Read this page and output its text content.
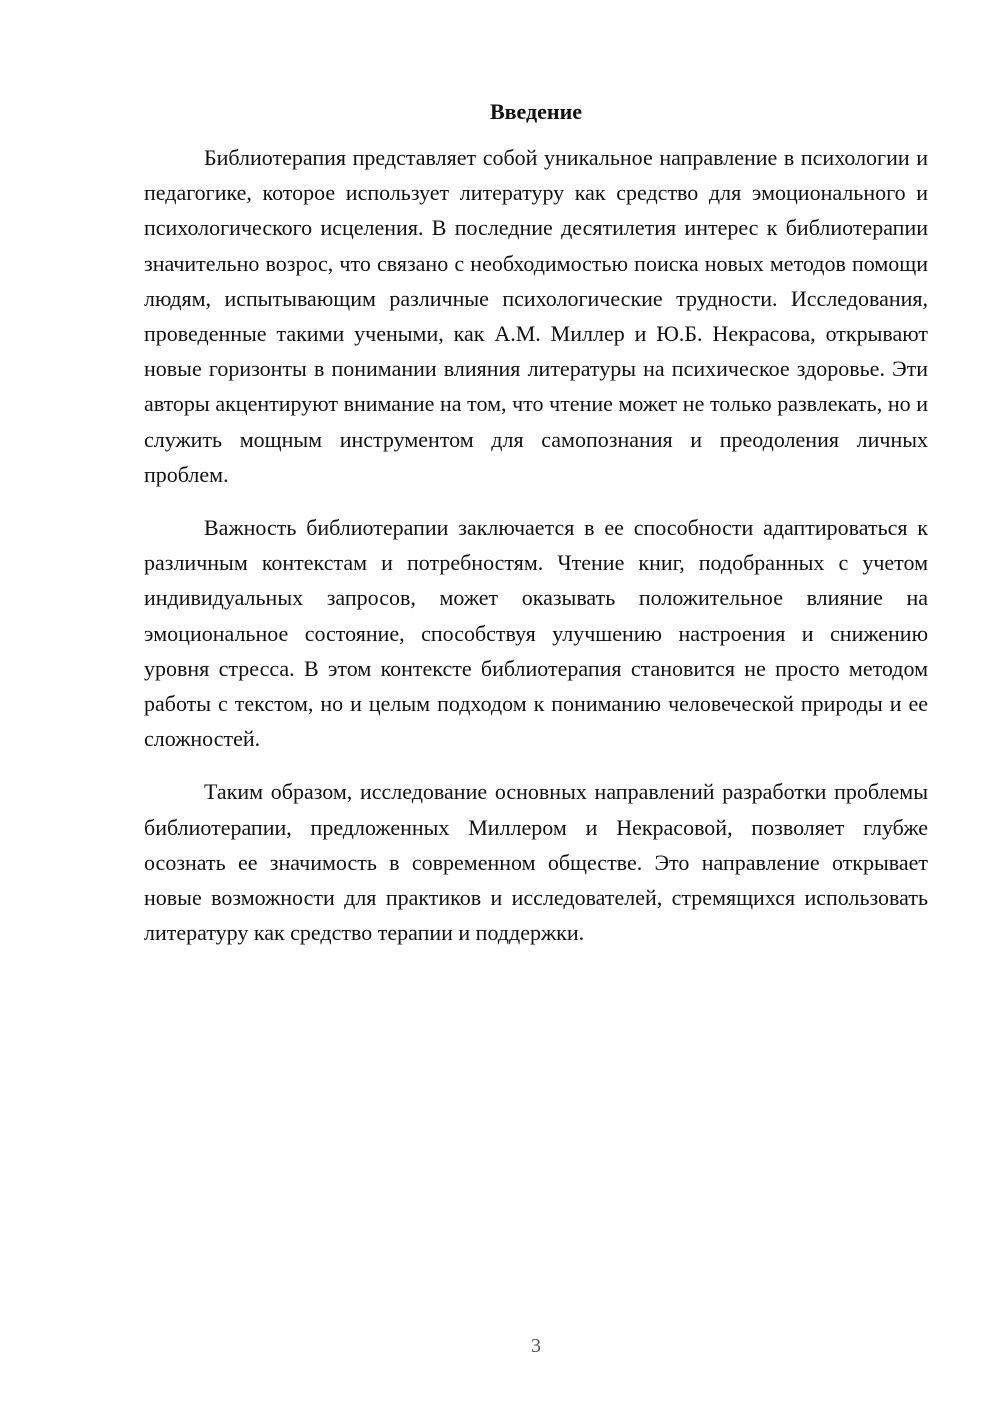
Введение

Библиотерапия представляет собой уникальное направление в психологии и педагогике, которое использует литературу как средство для эмоционального и психологического исцеления. В последние десятилетия интерес к библиотерапии значительно возрос, что связано с необходимостью поиска новых методов помощи людям, испытывающим различные психологические трудности. Исследования, проведенные такими учеными, как А.М. Миллер и Ю.Б. Некрасова, открывают новые горизонты в понимании влияния литературы на психическое здоровье. Эти авторы акцентируют внимание на том, что чтение может не только развлекать, но и служить мощным инструментом для самопознания и преодоления личных проблем.

Важность библиотерапии заключается в ее способности адаптироваться к различным контекстам и потребностям. Чтение книг, подобранных с учетом индивидуальных запросов, может оказывать положительное влияние на эмоциональное состояние, способствуя улучшению настроения и снижению уровня стресса. В этом контексте библиотерапия становится не просто методом работы с текстом, но и целым подходом к пониманию человеческой природы и ее сложностей.

Таким образом, исследование основных направлений разработки проблемы библиотерапии, предложенных Миллером и Некрасовой, позволяет глубже осознать ее значимость в современном обществе. Это направление открывает новые возможности для практиков и исследователей, стремящихся использовать литературу как средство терапии и поддержки.

3
